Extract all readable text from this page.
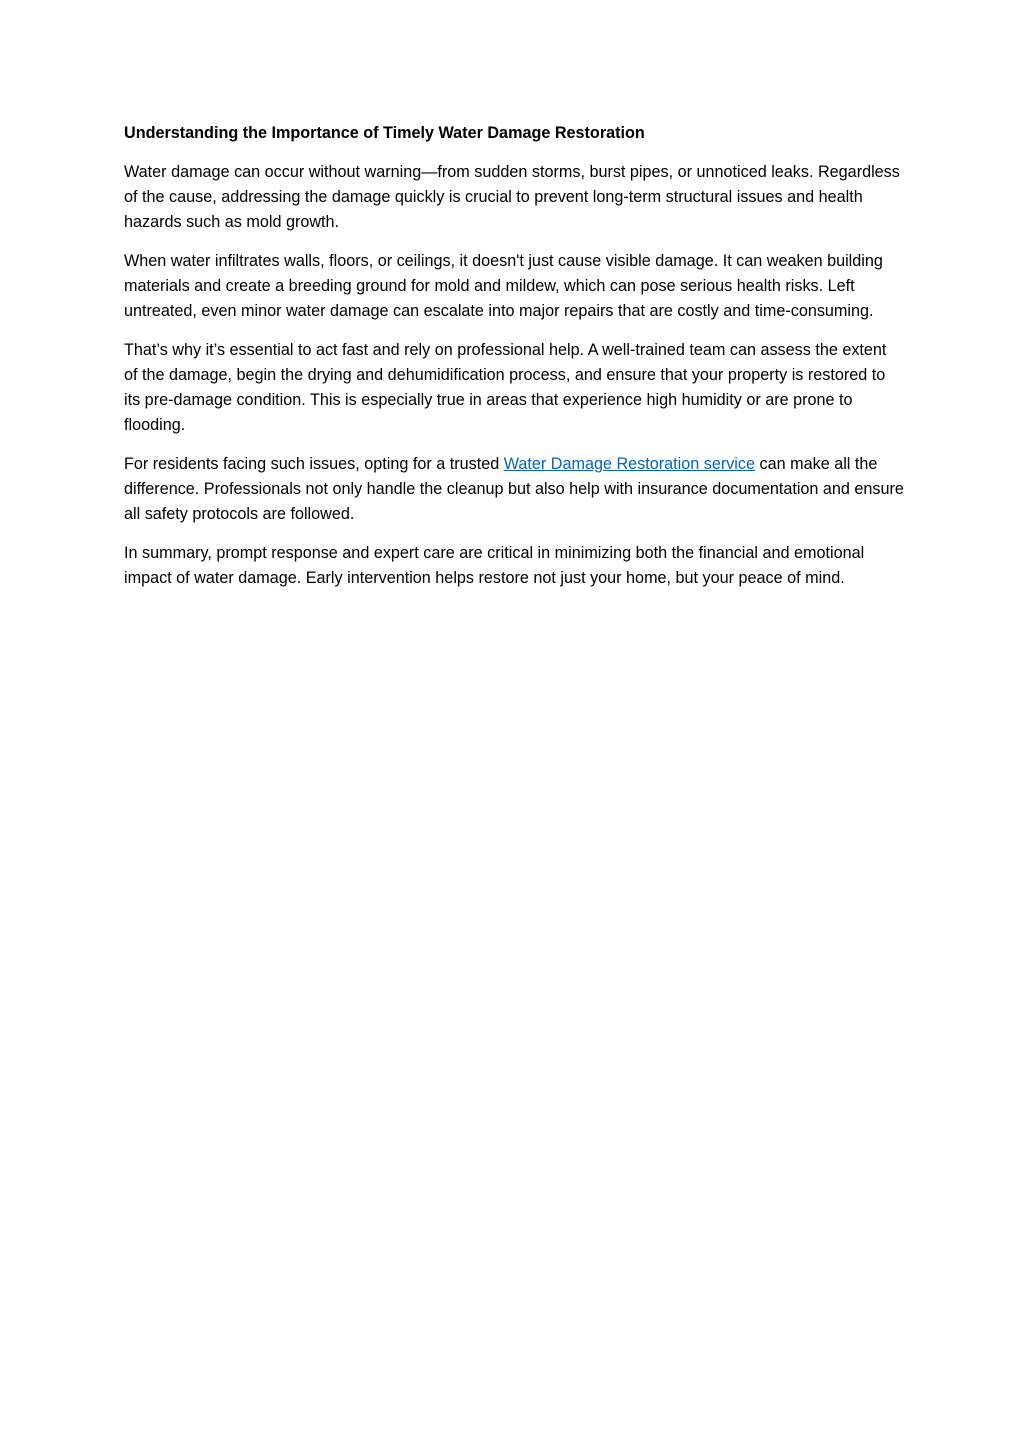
Understanding the Importance of Timely Water Damage Restoration

Water damage can occur without warning—from sudden storms, burst pipes, or unnoticed leaks. Regardless of the cause, addressing the damage quickly is crucial to prevent long-term structural issues and health hazards such as mold growth.

When water infiltrates walls, floors, or ceilings, it doesn't just cause visible damage. It can weaken building materials and create a breeding ground for mold and mildew, which can pose serious health risks. Left untreated, even minor water damage can escalate into major repairs that are costly and time-consuming.

That’s why it’s essential to act fast and rely on professional help. A well-trained team can assess the extent of the damage, begin the drying and dehumidification process, and ensure that your property is restored to its pre-damage condition. This is especially true in areas that experience high humidity or are prone to flooding.

For residents facing such issues, opting for a trusted Water Damage Restoration service can make all the difference. Professionals not only handle the cleanup but also help with insurance documentation and ensure all safety protocols are followed.

In summary, prompt response and expert care are critical in minimizing both the financial and emotional impact of water damage. Early intervention helps restore not just your home, but your peace of mind.
